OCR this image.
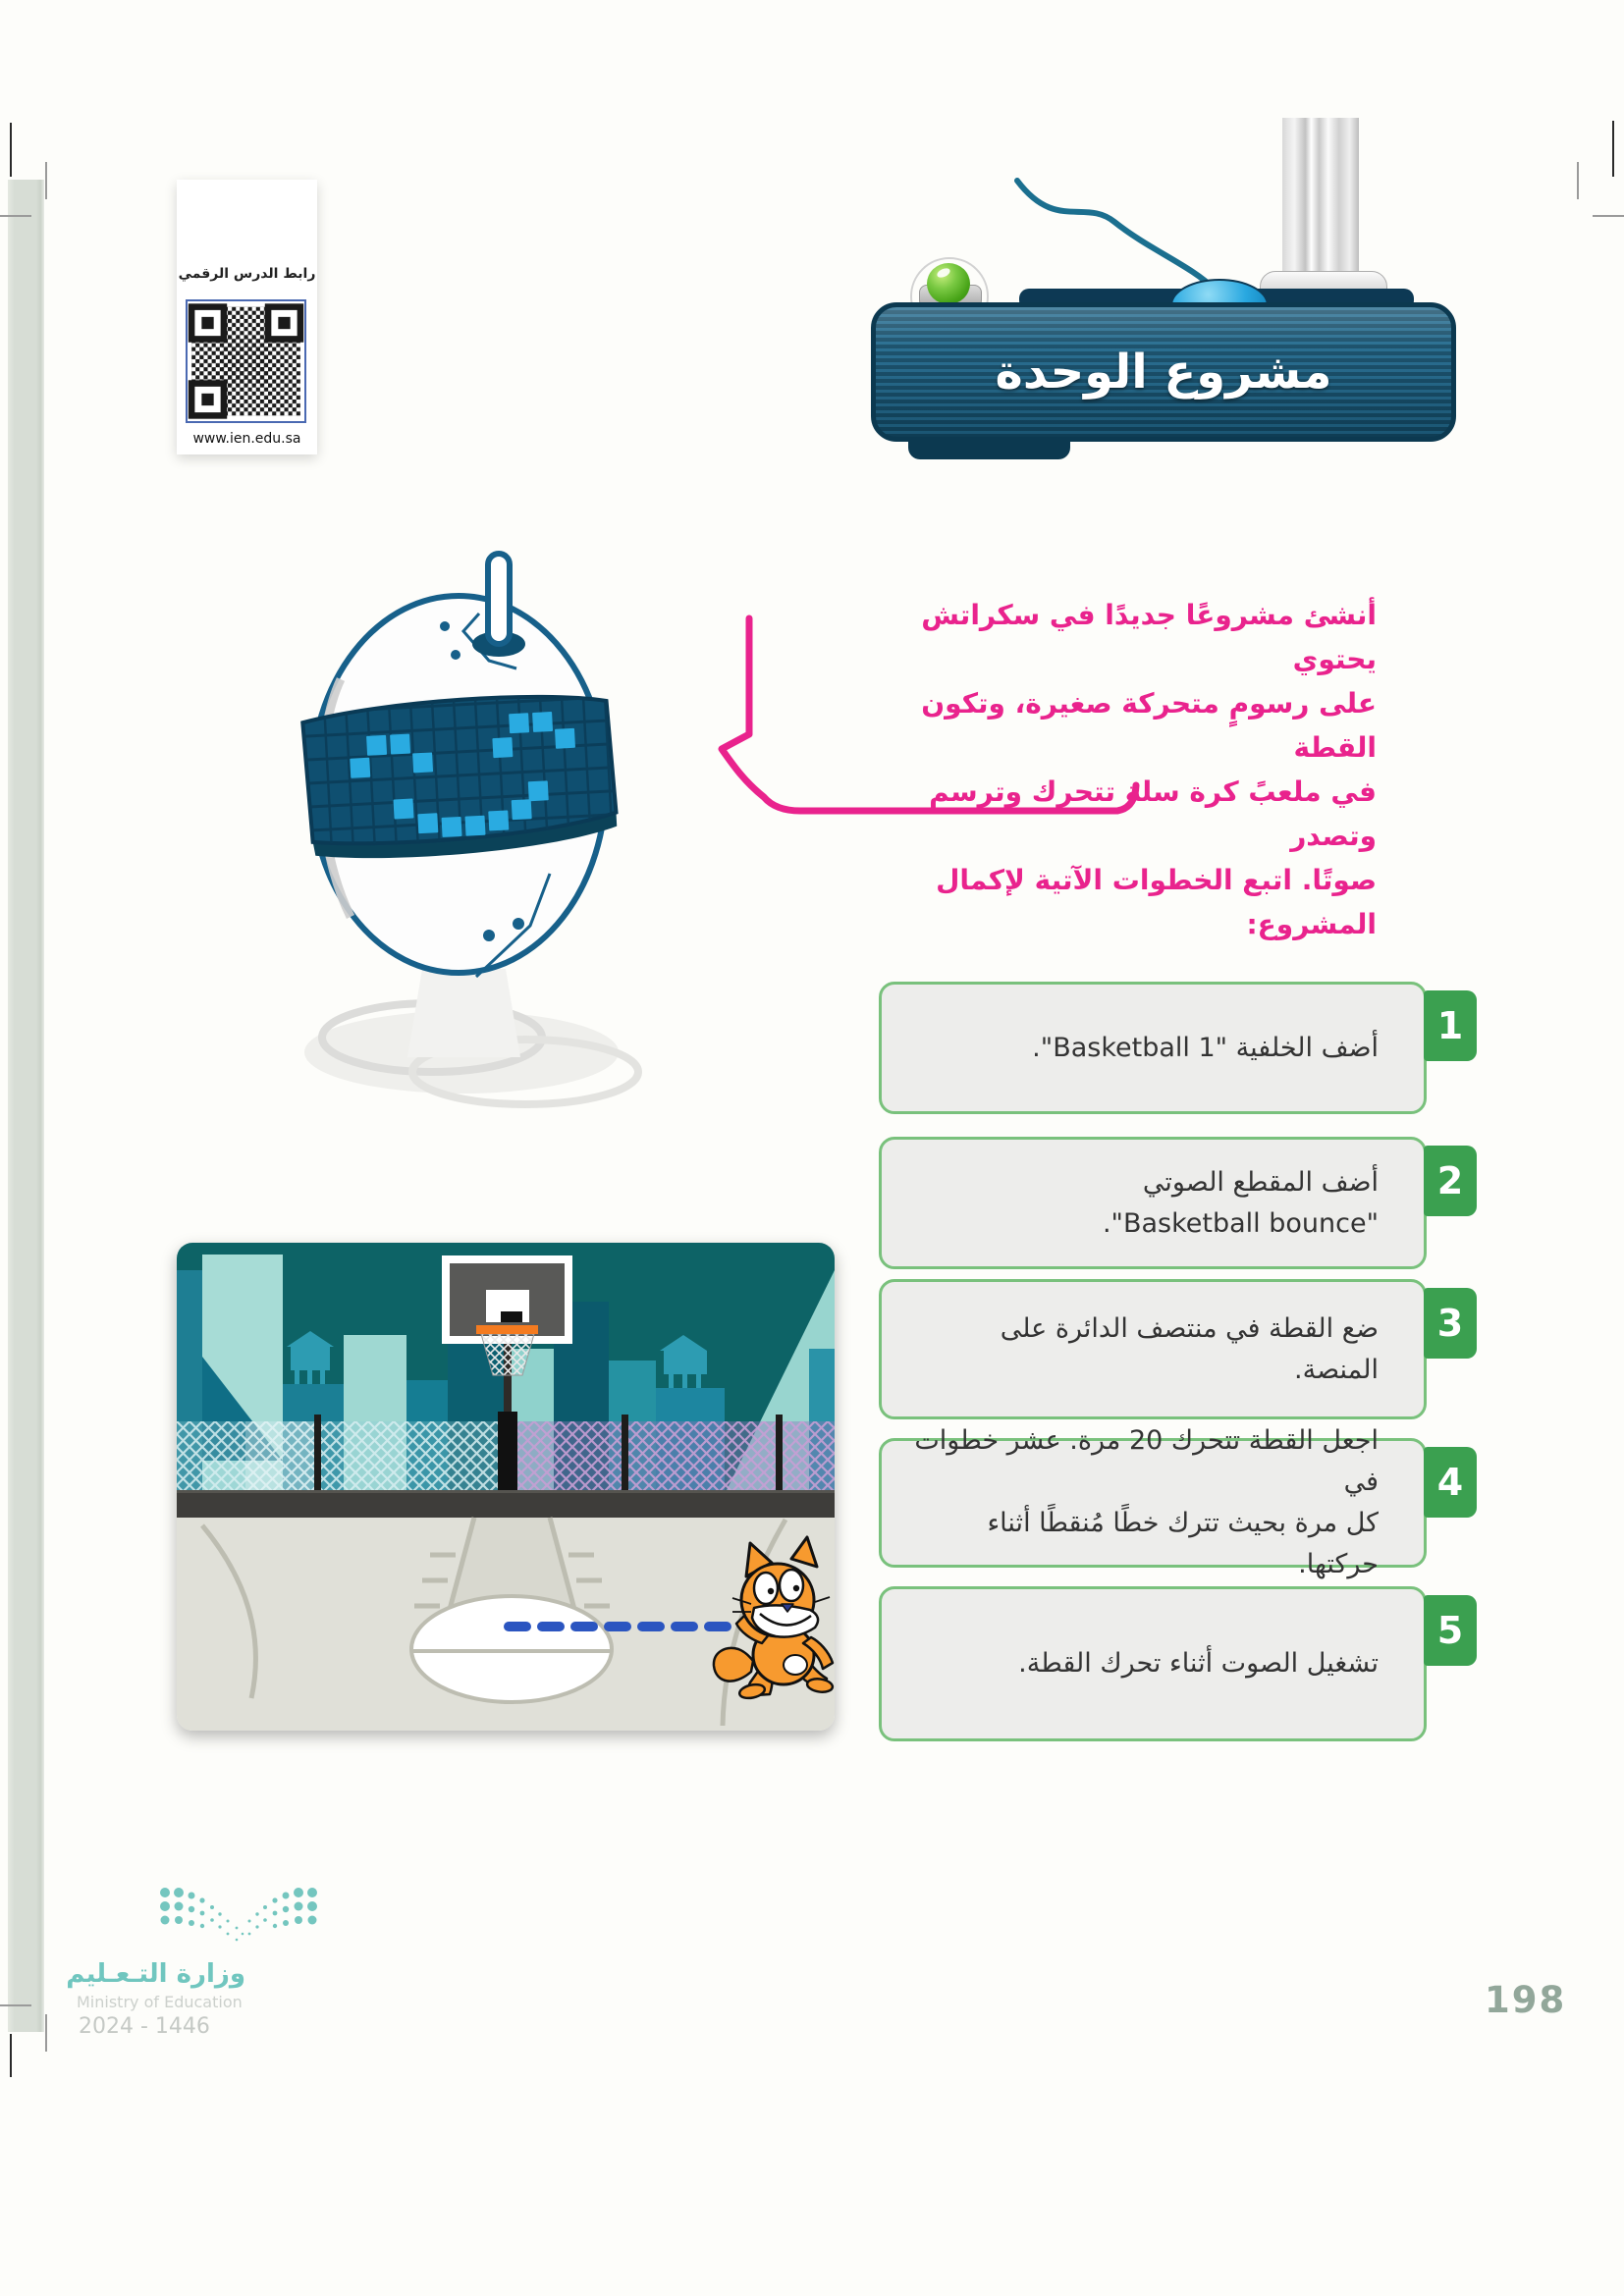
رابط الدرس الرقمي
www.ien.edu.sa
مشروع الوحدة
أنشئ مشروعًا جديدًا في سكراتش يحتوي
على رسومٍ متحركة صغيرة، وتكون القطة
في ملعبً كرة سلة تتحرك وترسم وتصدر
صوتًا. اتبع الخطوات الآتية لإكمال المشروع:
1
أضف الخلفية "Basketball 1".
2
أضف المقطع الصوتي
"Basketball bounce".
3
ضع القطة في منتصف الدائرة على المنصة.
4
اجعل القطة تتحرك 20 مرة. عشر خطوات في
كل مرة بحيث تترك خطًا مُنقطًا أثناء حركتها.
5
تشغيل الصوت أثناء تحرك القطة.
وزارة التـعـليم
Ministry of Education
2024 - 1446
198
